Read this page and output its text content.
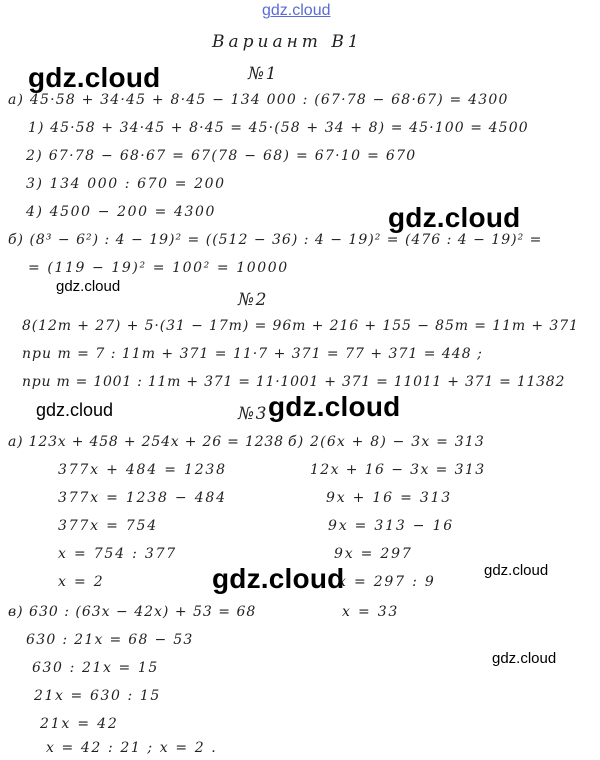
Вариант В1
№1
а) 45·58 + 34·45 + 8·45 − 134 000 : (67·78 − 68·67) = 4300
1) 45·58 + 34·45 + 8·45 = 45·(58 + 34 + 8) = 45·100 = 4500
2) 67·78 − 68·67 = 67(78 − 68) = 67·10 = 670
3) 134 000 : 670 = 200
4) 4500 − 200 = 4300
б) (8³ − 6²) : 4 − 19)² = ((512 − 36) : 4 − 19)² = (476 : 4 − 19)² =
= (119 − 19)² = 100² = 10000
№2
8(12m + 27) + 5·(31 − 17m) = 96m + 216 + 155 − 85m = 11m + 371
при m = 7 : 11m + 371 = 11·7 + 371 = 77 + 371 = 448 ;
при m = 1001 : 11m + 371 = 11·1001 + 371 = 11011 + 371 = 11382
№3
а) 123x + 458 + 254x + 26 = 1238
377x + 484 = 1238
377x = 1238 − 484
377x = 754
x = 754 : 377
x = 2
б) 2(6x + 8) − 3x = 313
12x + 16 − 3x = 313
9x + 16 = 313
9x = 313 − 16
9x = 297
x = 297 : 9
x = 33
в) 630 : (63x − 42x) + 53 = 68
630 : 21x = 68 − 53
630 : 21x = 15
21x = 630 : 15
21x = 42
x = 42 : 21 ; x = 2 .
gdz.cloud
gdz.cloud
gdz.cloud
gdz.cloud
gdz.cloud
gdz.cloud
gdz.cloud	gdz.cloud
gdz.cloud
